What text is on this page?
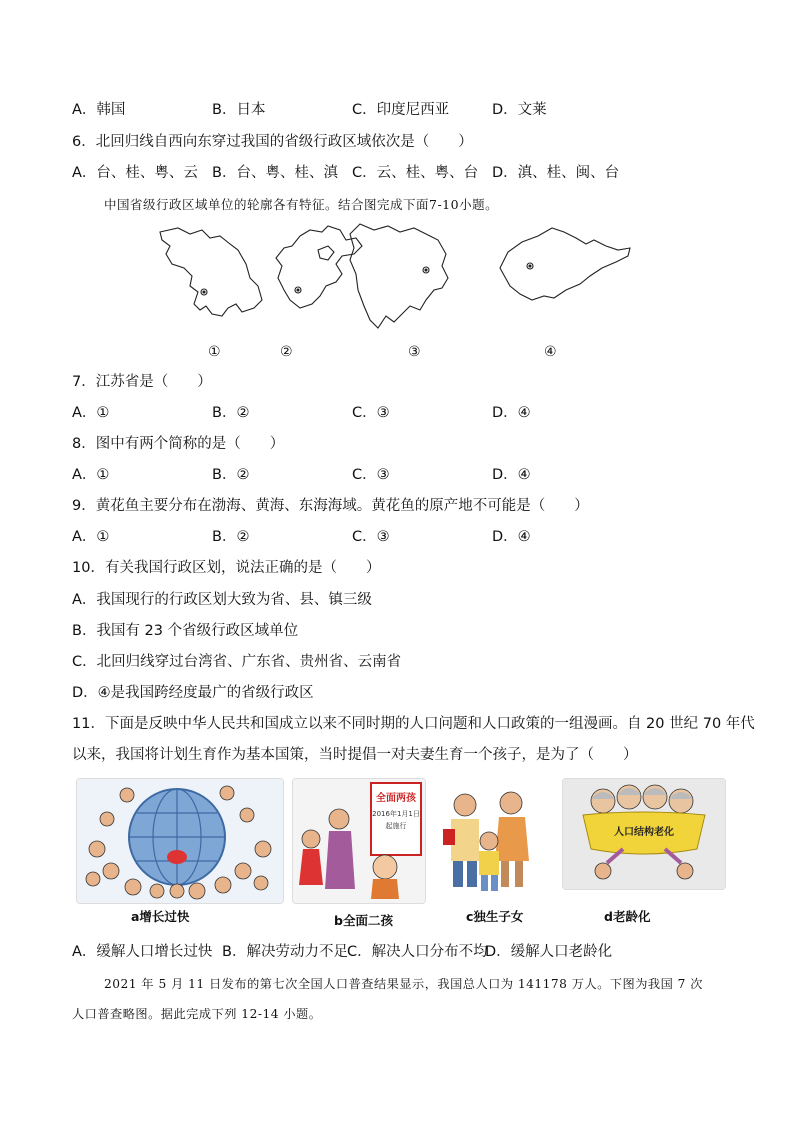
A．韩国	B．日本	C．印度尼西亚	D．文莱
6．北回归线自西向东穿过我国的省级行政区域依次是（　　）
A．台、桂、粤、云 B．台、粤、桂、滇 C．云、桂、粤、台 D．滇、桂、闽、台
中国省级行政区域单位的轮廓各有特征。结合图完成下面7-10小题。
①	②	③	④
7．江苏省是（　　）
A．①	B．②	C．③	D．④
8．图中有两个简称的是（　　）
A．①	B．②	C．③	D．④
9．黄花鱼主要分布在渤海、黄海、东海海域。黄花鱼的原产地不可能是（　　）
A．①	B．②	C．③	D．④
10．有关我国行政区划，说法正确的是（　　）
A．我国现行的行政区划大致为省、县、镇三级
B．我国有 23 个省级行政区域单位
C．北回归线穿过台湾省、广东省、贵州省、云南省
D．④是我国跨经度最广的省级行政区
11．下面是反映中华人民共和国成立以来不同时期的人口问题和人口政策的一组漫画。自 20 世纪 70 年代
以来，我国将计划生育作为基本国策，当时提倡一对夫妻生育一个孩子，是为了（　　）
a增长过快
全面两孩
2016年1月1日
起施行
b全面二孩	c独生子女
人口结构老化
d老龄化
A．缓解人口增长过快 B．解决劳动力不足 C．解决人口分布不均
D．缓解人口老龄化
2021 年 5 月 11 日发布的第七次全国人口普查结果显示，我国总人口为 141178 万人。下图为我国 7 次
人口普查略图。据此完成下列 12-14 小题。
